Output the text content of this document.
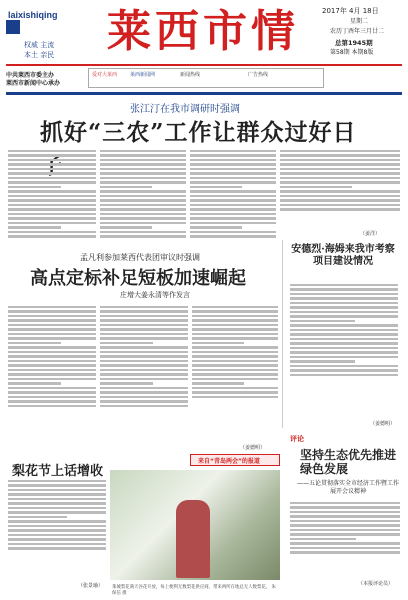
laixishiqing
权威 主流
本土 亲民	莱西市情	2017年 4月 18日
星期二
农历丁酉年三月廿二
总第1945期
第58期 本期8版
中共莱西市委主办
莱西市新闻中心承办
爱对大莱西	莱西新闻网	新闻热线	广告热线
张江汀在我市调研时强调
抓好“三农”工作让群众过好日
（姜洋）
安德烈·海姆来我市考察项目建设情况
（姜德明）
孟凡利参加莱西代表团审议时强调
高点定标补足短板加速崛起
庄增大姜永清等作发言
（姜德明）
来自“青岛两会”的报道
梨花节上话增收
（张景瑜） 莱城梨花满天谷花开放，每上便利无数梨花供应商，带来两所在地总无人数梨花。 朱保信 摄
评论
坚持生态优先推进绿色发展
——五论贯彻落实全市经济工作暨工作展开会议精神
（本报评论员）
